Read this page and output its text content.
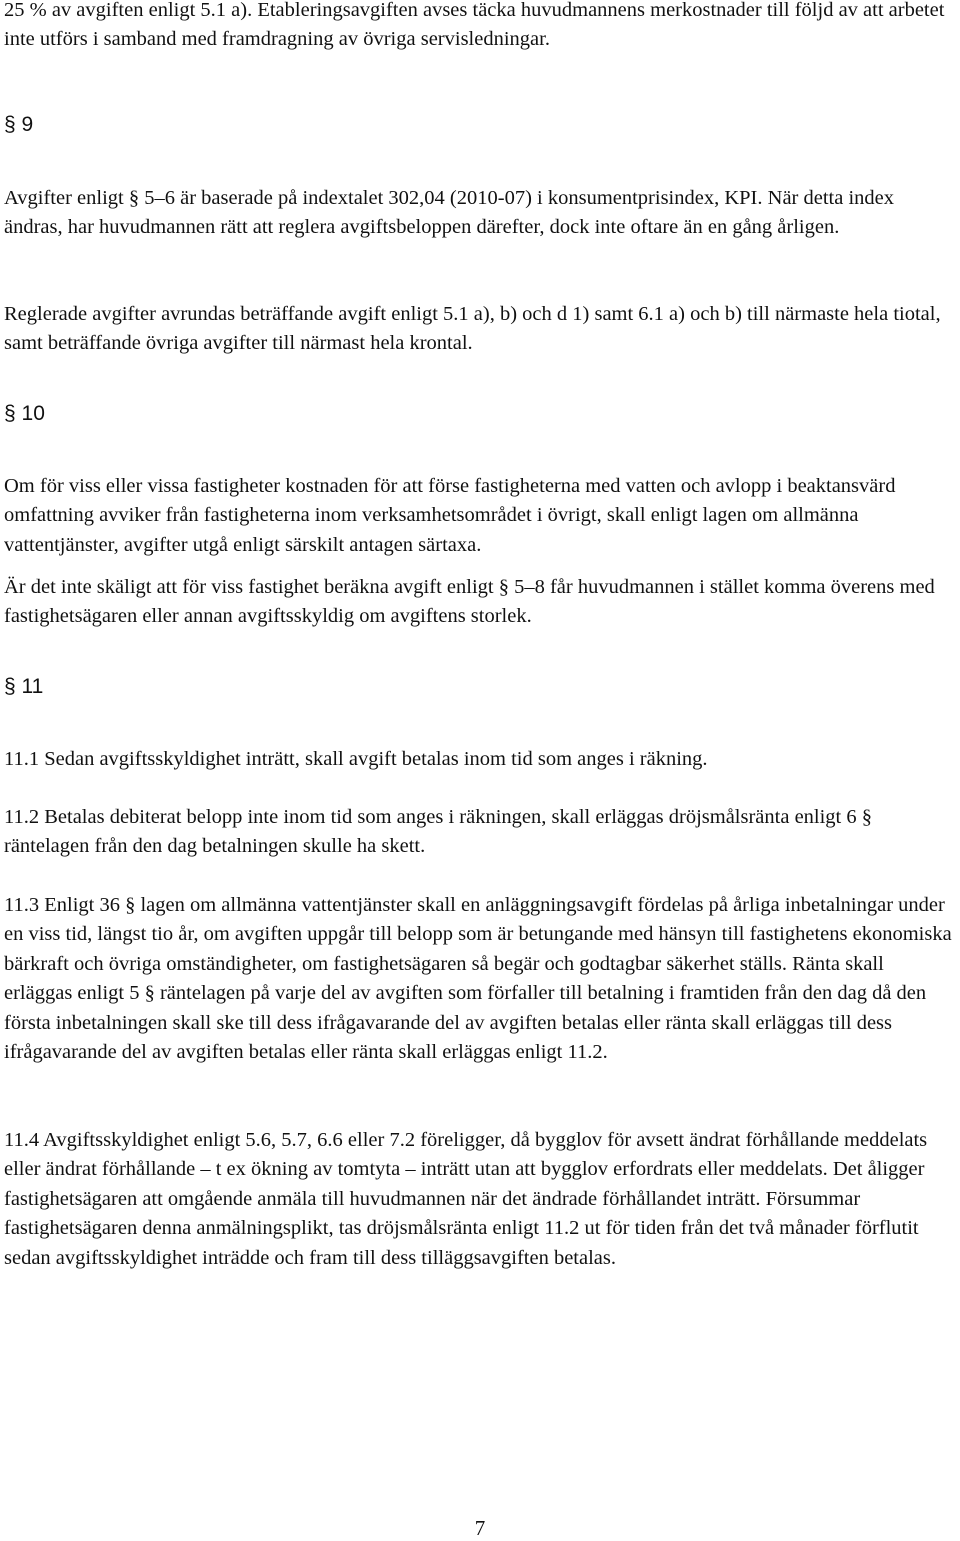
25 % av avgiften enligt 5.1 a). Etableringsavgiften avses täcka huvudmannens merkostnader till följd av att arbetet inte utförs i samband med framdragning av övriga servisledningar.

§ 9

Avgifter enligt § 5–6 är baserade på indextalet 302,04 (2010-07) i konsumentprisindex, KPI. När detta index ändras, har huvudmannen rätt att reglera avgiftsbeloppen därefter, dock inte oftare än en gång årligen.

Reglerade avgifter avrundas beträffande avgift enligt 5.1 a), b) och d 1) samt 6.1 a) och b) till närmaste hela tiotal, samt beträffande övriga avgifter till närmast hela krontal.

§ 10

Om för viss eller vissa fastigheter kostnaden för att förse fastigheterna med vatten och avlopp i beaktansvärd omfattning avviker från fastigheterna inom verksamhetsområdet i övrigt, skall enligt lagen om allmänna vattentjänster, avgifter utgå enligt särskilt antagen särtaxa.

Är det inte skäligt att för viss fastighet beräkna avgift enligt § 5–8 får huvudmannen i stället komma överens med fastighetsägaren eller annan avgiftsskyldig om avgiftens storlek.

§ 11

11.1 Sedan avgiftsskyldighet inträtt, skall avgift betalas inom tid som anges i räkning.

11.2 Betalas debiterat belopp inte inom tid som anges i räkningen, skall erläggas dröjsmålsränta enligt 6 § räntelagen från den dag betalningen skulle ha skett.

11.3 Enligt 36 § lagen om allmänna vattentjänster skall en anläggningsavgift fördelas på årliga inbetalningar under en viss tid, längst tio år, om avgiften uppgår till belopp som är betungande med hänsyn till fastighetens ekonomiska bärkraft och övriga omständigheter, om fastighetsägaren så begär och godtagbar säkerhet ställs. Ränta skall erläggas enligt 5 § räntelagen på varje del av avgiften som förfaller till betalning i framtiden från den dag då den första inbetalningen skall ske till dess ifrågavarande del av avgiften betalas eller ränta skall erläggas till dess ifrågavarande del av avgiften betalas eller ränta skall erläggas enligt 11.2.

11.4 Avgiftsskyldighet enligt 5.6, 5.7, 6.6 eller 7.2 föreligger, då bygglov för avsett ändrat förhållande meddelats eller ändrat förhållande – t ex ökning av tomtyta – inträtt utan att bygglov erfordrats eller meddelats. Det åligger fastighetsägaren att omgående anmäla till huvudmannen när det ändrade förhållandet inträtt. Försummar fastighetsägaren denna anmälningsplikt, tas dröjsmålsränta enligt 11.2 ut för tiden från det två månader förflutit sedan avgiftsskyldighet inträdde och fram till dess tilläggsavgiften betalas.

7
